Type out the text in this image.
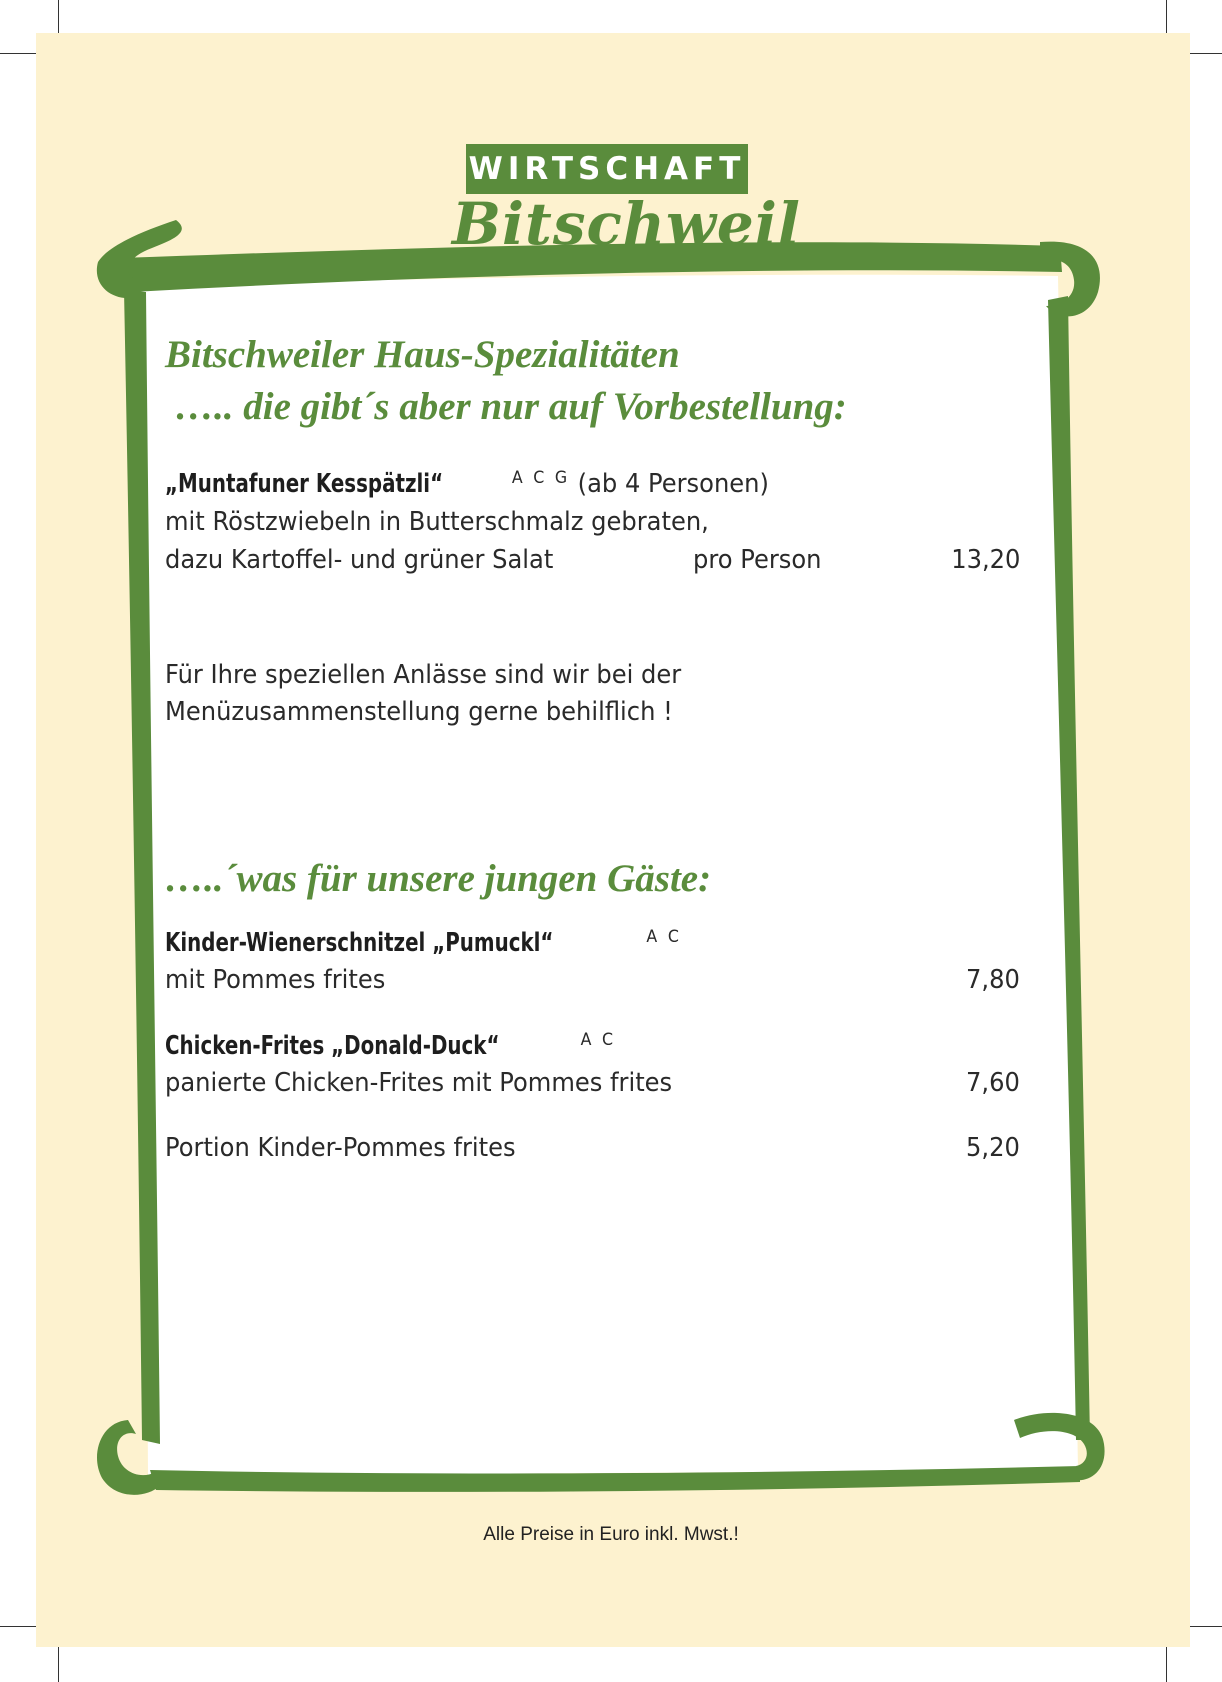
WIRTSCHAFT
Bitschweil
Bitschweiler Haus-Spezialitäten
….. die gibt´s aber nur auf Vorbestellung:
„Muntafuner Kesspätzli“	$^{A C G}$ (ab 4 Personen)
mit Röstzwiebeln in Butterschmalz gebraten,
dazu Kartoffel- und grüner Salat	pro Person	13,20
Für Ihre speziellen Anlässe sind wir bei der
Menüzusammenstellung gerne behilflich !
…..´was für unsere jungen Gäste:
Kinder-Wienerschnitzel „Pumuckl“	$^{A C}$
mit Pommes frites	7,80
Chicken-Frites „Donald-Duck“	$^{A C}$
panierte Chicken-Frites mit Pommes frites	7,60
Portion Kinder-Pommes frites	5,20
Alle Preise in Euro inkl. Mwst.!
